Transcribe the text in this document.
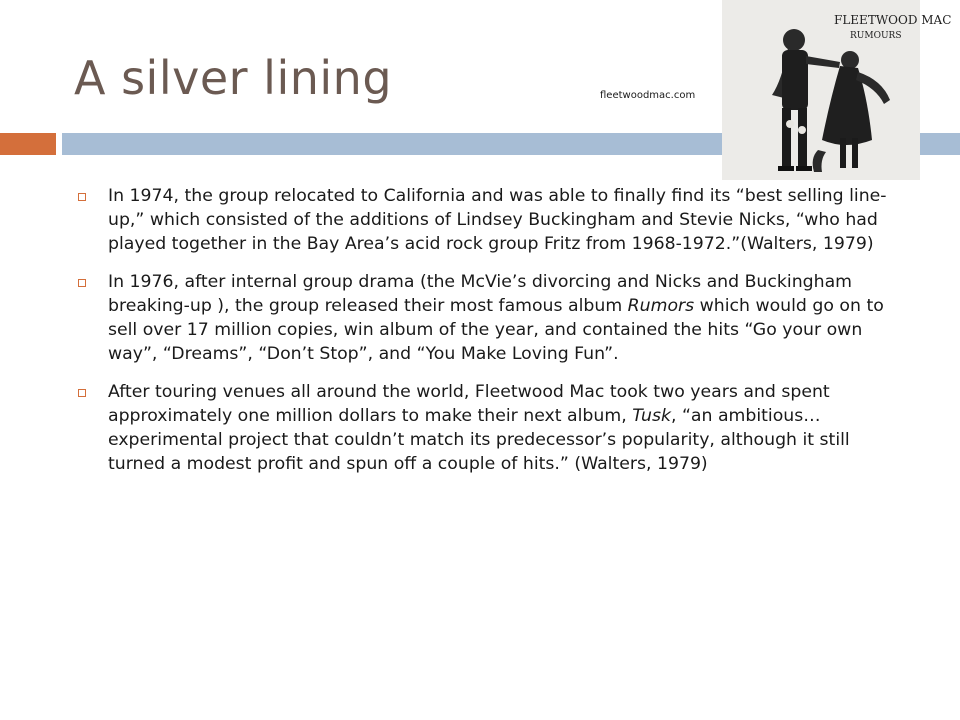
A silver lining	fleetwoodmac.com
FLEETWOOD MAC
RUMOURS
In 1974, the group relocated to California and was able to finally find its “best selling line-up,” which consisted of the additions of Lindsey Buckingham and Stevie Nicks, “who had played together in the Bay Area’s acid rock group Fritz from 1968-1972.”(Walters, 1979)
In 1976, after internal group drama (the McVie’s divorcing and Nicks and Buckingham breaking-up ), the group released their most famous album Rumors which would go on to sell over 17 million copies, win album of the year, and contained the hits “Go your own way”, “Dreams”, “Don’t Stop”, and “You Make Loving Fun”.
After touring venues all around the world, Fleetwood Mac took two years and spent approximately one million dollars to make their next album, Tusk, “an ambitious… experimental project that couldn’t match its predecessor’s popularity, although it still turned a modest profit and spun off a couple of hits.” (Walters, 1979)
